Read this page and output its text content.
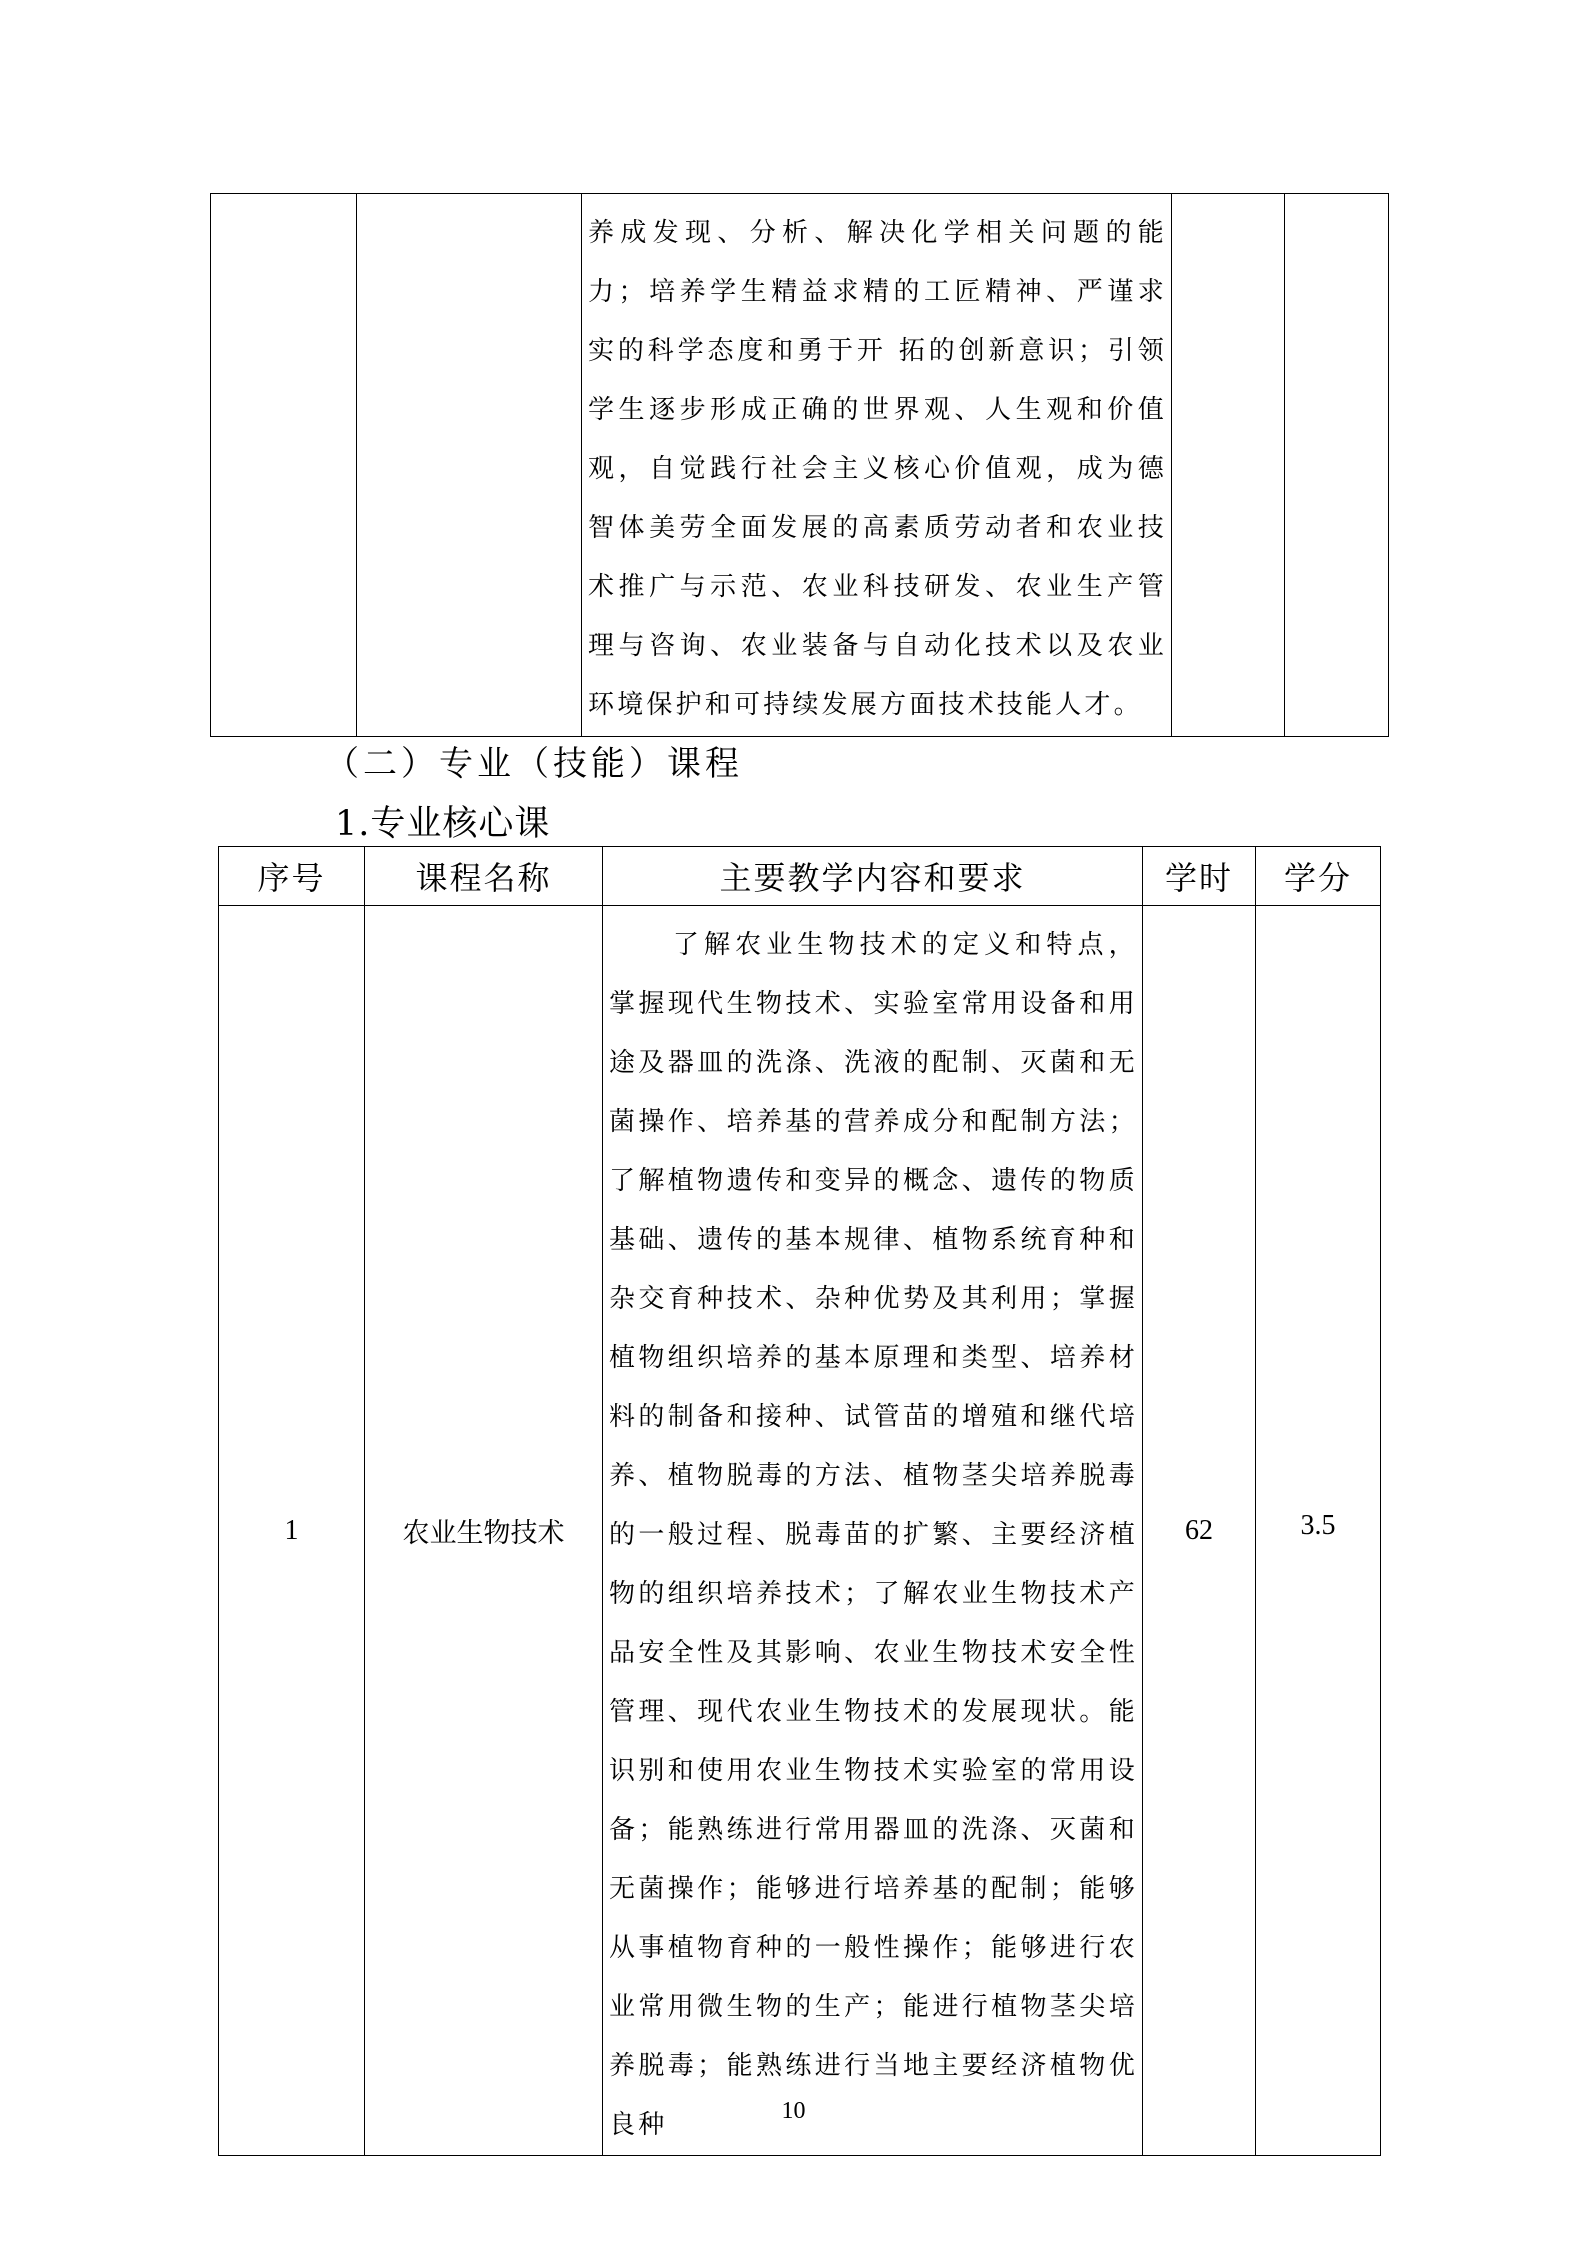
		养成发现、分析、解决化学相关问题的能力；培养学生精益求精的工匠精神、严谨求实的科学态度和勇于开 拓的创新意识；引领学生逐步形成正确的世界观、人生观和价值观，自觉践行社会主义核心价值观，成为德智体美劳全面发展的高素质劳动者和农业技术推广与示范、农业科技研发、农业生产管理与咨询、农业装备与自动化技术以及农业环境保护和可持续发展方面技术技能人才。		
（二）专业（技能）课程
1.专业核心课
序号	课程名称	主要教学内容和要求	学时	学分
1	农业生物技术	了解农业生物技术的定义和特点，掌握现代生物技术、实验室常用设备和用途及器皿的洗涤、洗液的配制、灭菌和无菌操作、培养基的营养成分和配制方法；了解植物遗传和变异的概念、遗传的物质基础、遗传的基本规律、植物系统育种和杂交育种技术、杂种优势及其利用；掌握植物组织培养的基本原理和类型、培养材料的制备和接种、试管苗的增殖和继代培养、植物脱毒的方法、植物茎尖培养脱毒的一般过程、脱毒苗的扩繁、主要经济植物的组织培养技术；了解农业生物技术产品安全性及其影响、农业生物技术安全性管理、现代农业生物技术的发展现状。能识别和使用农业生物技术实验室的常用设备；能熟练进行常用器皿的洗涤、灭菌和无菌操作；能够进行培养基的配制；能够从事植物育种的一般性操作；能够进行农业常用微生物的生产；能进行植物茎尖培养脱毒；能熟练进行当地主要经济植物优良种	62	3.5
10
